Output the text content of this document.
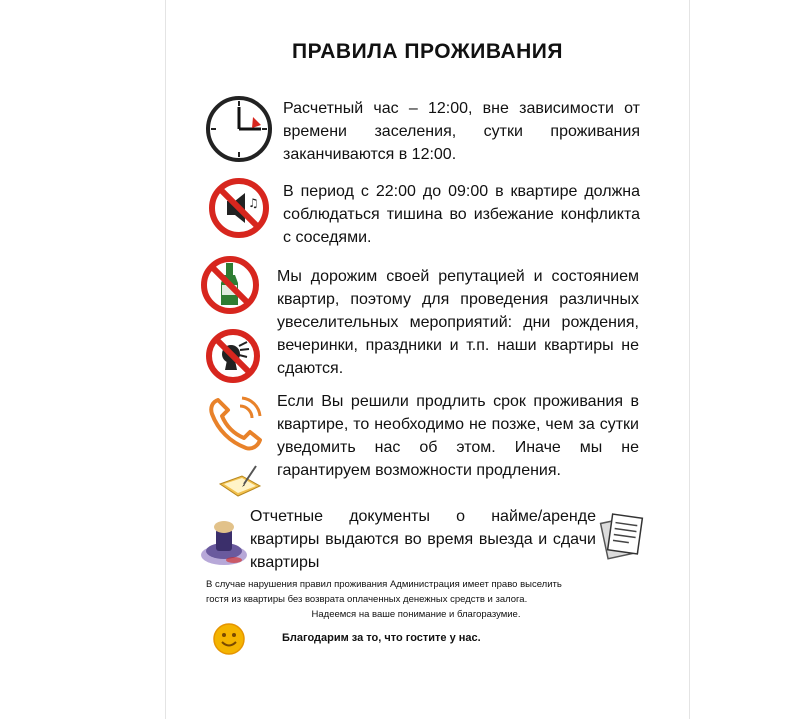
ПРАВИЛА ПРОЖИВАНИЯ
Расчетный час – 12:00, вне зависимости от времени заселения, сутки проживания заканчиваются в 12:00.
♫
В период с 22:00 до 09:00 в квартире должна соблюдаться тишина во избежание конфликта с соседями.
Мы дорожим своей репутацией и состоянием квартир, поэтому для проведения различных увеселительных мероприятий: дни рождения, вечеринки, праздники и т.п. наши квартиры не сдаются.
Если Вы решили продлить срок проживания в квартире, то необходимо не позже, чем за сутки уведомить нас об этом. Иначе мы не гарантируем возможности продления.
Отчетные документы о найме/аренде квартиры выдаются во время выезда и сдачи квартиры
В случае нарушения правил проживания Администрация имеет право выселить
гостя из квартиры без возврата оплаченных денежных средств и залога.
Надеемся на ваше понимание и благоразумие.
Благодарим за то, что гостите у нас.
